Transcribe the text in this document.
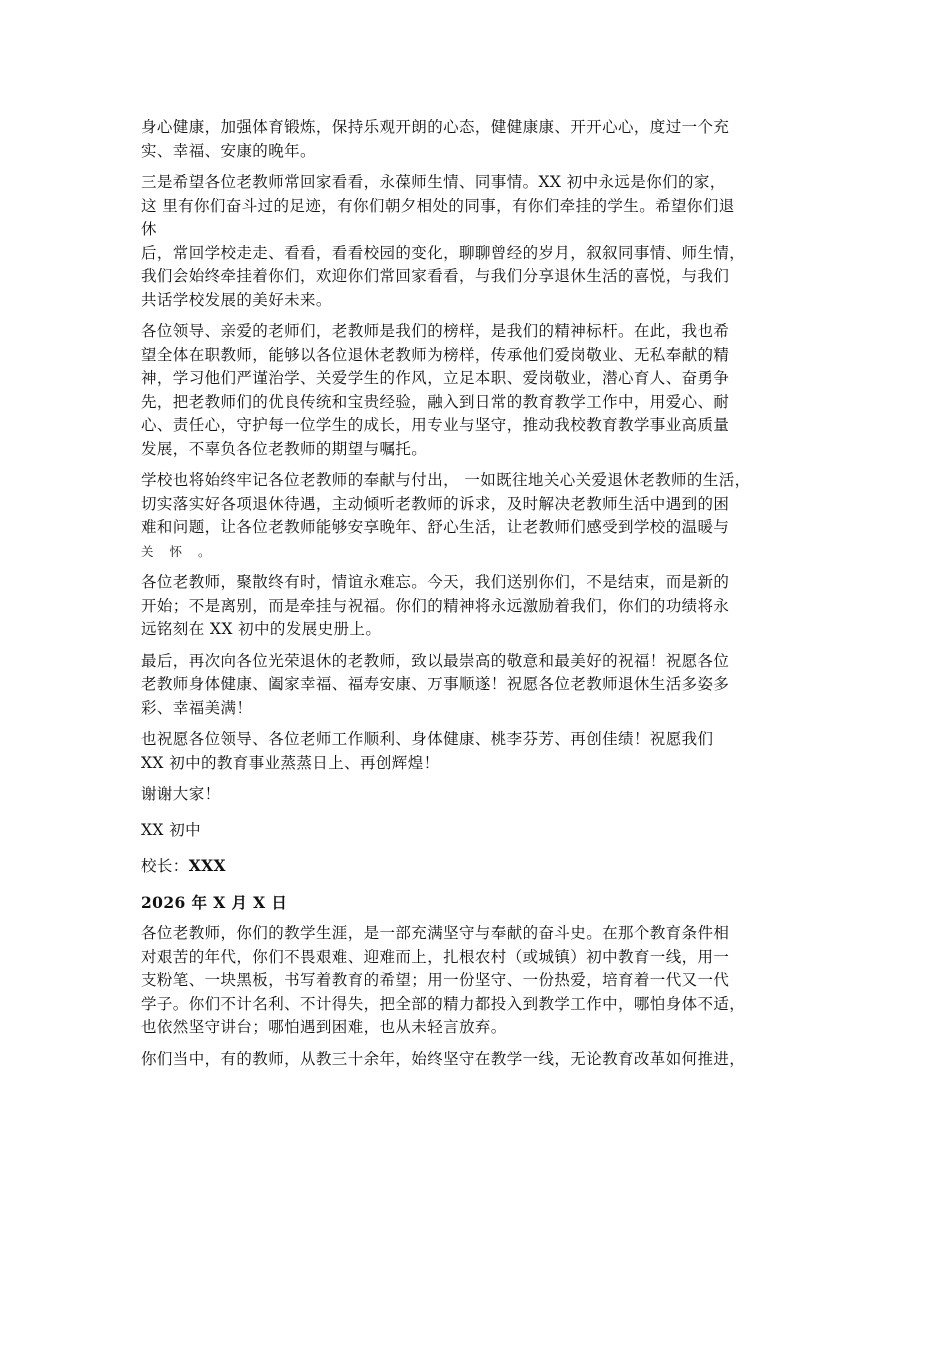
身心健康，加强体育锻炼，保持乐观开朗的心态，健健康康、开开心心，度过一个充
实、幸福、安康的晚年。
三是希望各位老教师常回家看看，永葆师生情、同事情。XX 初中永远是你们的家，
这 里有你们奋斗过的足迹，有你们朝夕相处的同事，有你们牵挂的学生。希望你们退
休
后，常回学校走走、看看，看看校园的变化，聊聊曾经的岁月，叙叙同事情、师生情，
我们会始终牵挂着你们，欢迎你们常回家看看，与我们分享退休生活的喜悦，与我们
共话学校发展的美好未来。
各位领导、亲爱的老师们，老教师是我们的榜样，是我们的精神标杆。在此，我也希
望全体在职教师，能够以各位退休老教师为榜样，传承他们爱岗敬业、无私奉献的精
神，学习他们严谨治学、关爱学生的作风，立足本职、爱岗敬业，潜心育人、奋勇争
先，把老教师们的优良传统和宝贵经验，融入到日常的教育教学工作中，用爱心、耐
心、责任心，守护每一位学生的成长，用专业与坚守，推动我校教育教学事业高质量
发展，不辜负各位老教师的期望与嘱托。
学校也将始终牢记各位老教师的奉献与付出， 一如既往地关心关爱退休老教师的生活，
切实落实好各项退休待遇，主动倾听老教师的诉求，及时解决老教师生活中遇到的困
难和问题，让各位老教师能够安享晚年、舒心生活，让老教师们感受到学校的温暖与
关 怀 。
各位老教师，聚散终有时，情谊永难忘。今天，我们送别你们，不是结束，而是新的
开始；不是离别，而是牵挂与祝福。你们的精神将永远激励着我们，你们的功绩将永
远铭刻在 XX 初中的发展史册上。
最后，再次向各位光荣退休的老教师，致以最崇高的敬意和最美好的祝福！祝愿各位
老教师身体健康、阖家幸福、福寿安康、万事顺遂！祝愿各位老教师退休生活多姿多
彩、幸福美满！
也祝愿各位领导、各位老师工作顺利、身体健康、桃李芬芳、再创佳绩！祝愿我们
XX 初中的教育事业蒸蒸日上、再创辉煌！
谢谢大家！
XX 初中
校长：XXX
2026 年 X 月 X 日
各位老教师，你们的教学生涯，是一部充满坚守与奉献的奋斗史。在那个教育条件相
对艰苦的年代，你们不畏艰难、迎难而上，扎根农村（或城镇）初中教育一线，用一
支粉笔、一块黑板，书写着教育的希望；用一份坚守、一份热爱，培育着一代又一代
学子。你们不计名利、不计得失，把全部的精力都投入到教学工作中，哪怕身体不适，
也依然坚守讲台；哪怕遇到困难，也从未轻言放弃。
你们当中，有的教师，从教三十余年，始终坚守在教学一线，无论教育改革如何推进，
